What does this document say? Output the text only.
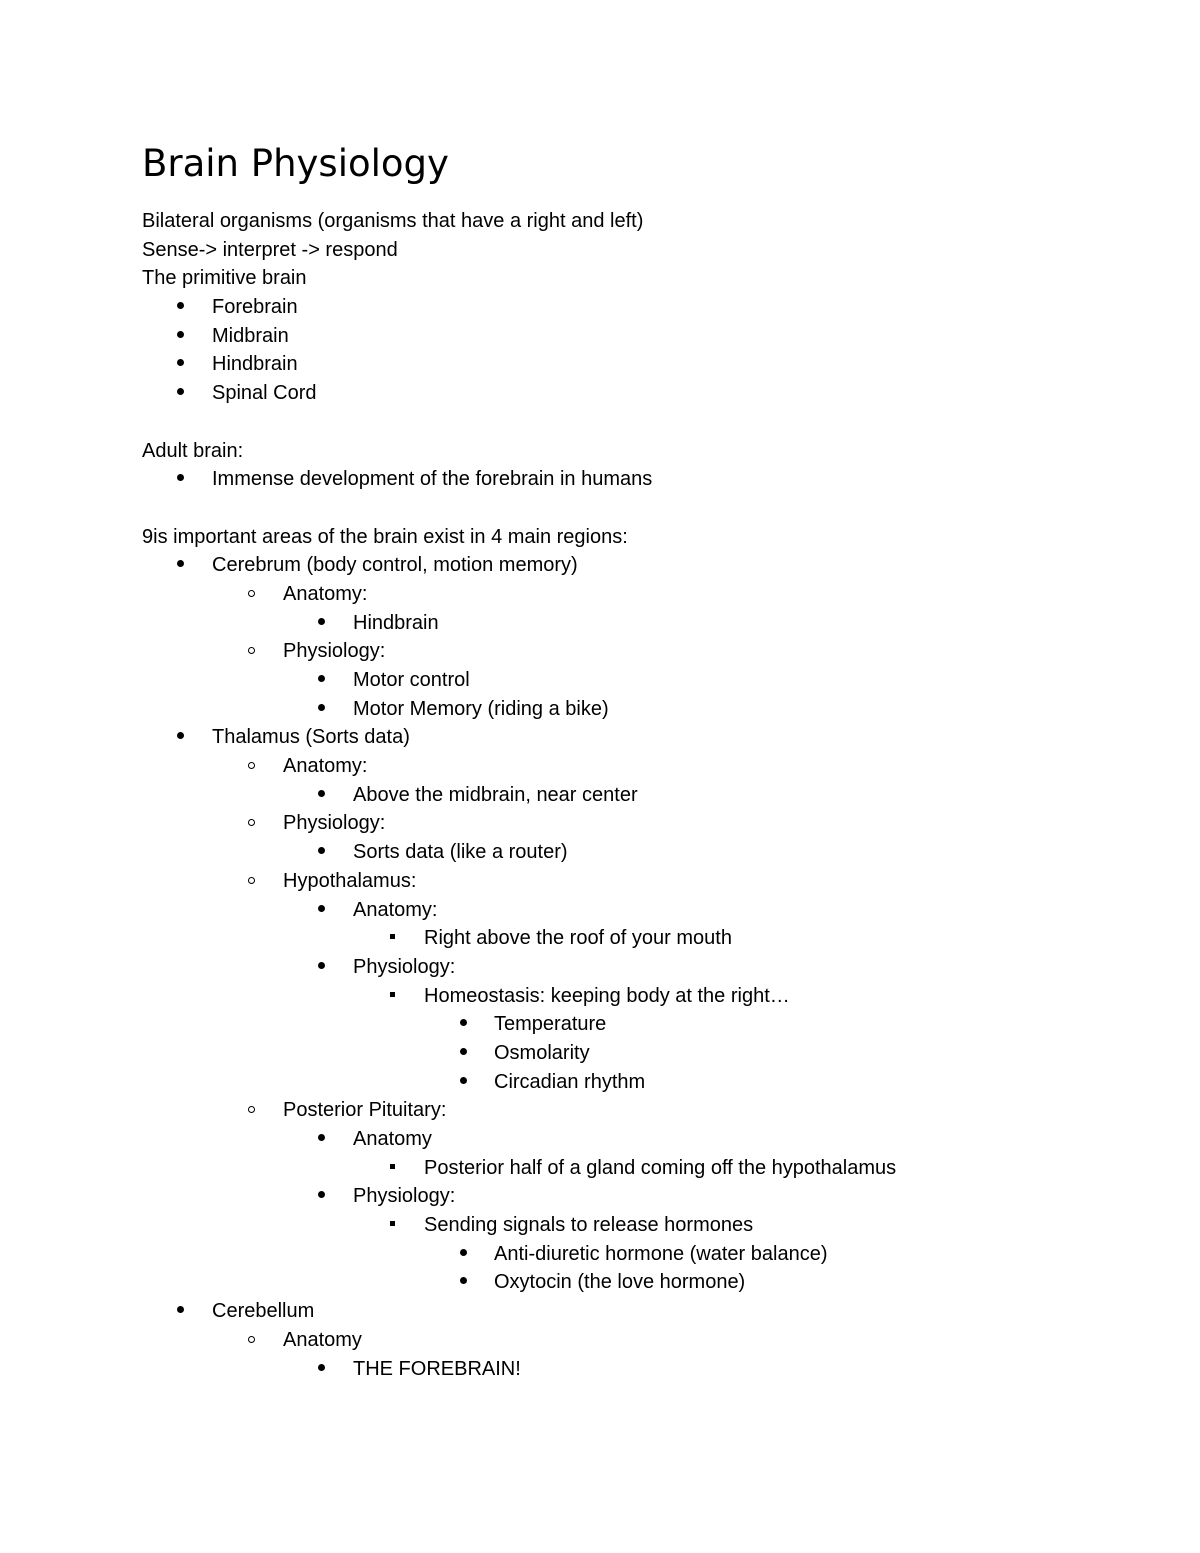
Brain Physiology
Bilateral organisms (organisms that have a right and left)
Sense-> interpret -> respond
The primitive brain
Forebrain
Midbrain
Hindbrain
Spinal Cord
Adult brain:
Immense development of the forebrain in humans
9is important areas of the brain exist in 4 main regions:
Cerebrum (body control, motion memory)
Anatomy:
Hindbrain
Physiology:
Motor control
Motor Memory (riding a bike)
Thalamus (Sorts data)
Anatomy:
Above the midbrain, near center
Physiology:
Sorts data (like a router)
Hypothalamus:
Anatomy:
Right above the roof of your mouth
Physiology:
Homeostasis: keeping body at the right…
Temperature
Osmolarity
Circadian rhythm
Posterior Pituitary:
Anatomy
Posterior half of a gland coming off the hypothalamus
Physiology:
Sending signals to release hormones
Anti-diuretic hormone (water balance)
Oxytocin (the love hormone)
Cerebellum
Anatomy
THE FOREBRAIN!
